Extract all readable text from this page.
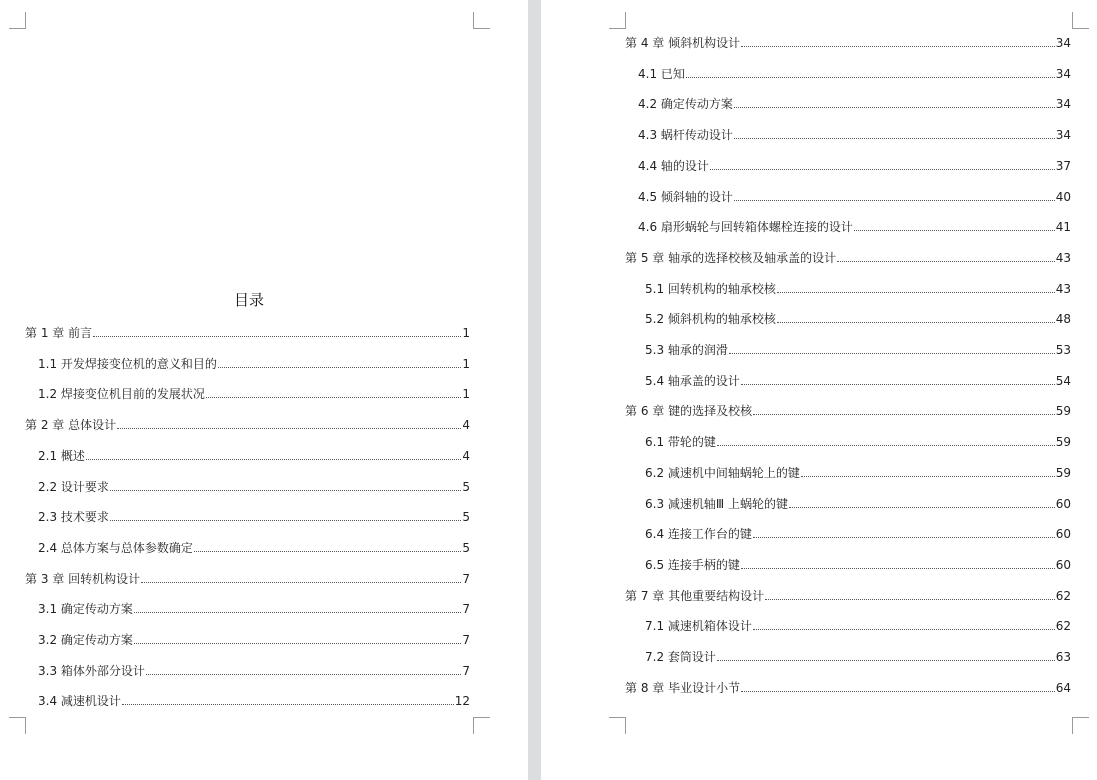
目录
第 1 章 前言	1
1.1 开发焊接变位机的意义和目的	1
1.2 焊接变位机目前的发展状况	1
第 2 章 总体设计	4
2.1 概述	4
2.2 设计要求	5
2.3 技术要求	5
2.4 总体方案与总体参数确定	5
第 3 章 回转机构设计	7
3.1 确定传动方案	7
3.2 确定传动方案	7
3.3 箱体外部分设计	7
3.4 减速机设计	12
第 4 章 倾斜机构设计	34
4.1 已知	34
4.2 确定传动方案	34
4.3 蜗杆传动设计	34
4.4 轴的设计	37
4.5 倾斜轴的设计	40
4.6 扇形蜗轮与回转箱体螺栓连接的设计	41
第 5 章 轴承的选择校核及轴承盖的设计	43
5.1 回转机构的轴承校核	43
5.2 倾斜机构的轴承校核	48
5.3 轴承的润滑	53
5.4 轴承盖的设计	54
第 6 章 键的选择及校核	59
6.1 带轮的键	59
6.2 减速机中间轴蜗轮上的键	59
6.3 减速机轴Ⅲ 上蜗轮的键	60
6.4 连接工作台的键	60
6.5 连接手柄的键	60
第 7 章 其他重要结构设计	62
7.1 减速机箱体设计	62
7.2 套筒设计	63
第 8 章 毕业设计小节	64
